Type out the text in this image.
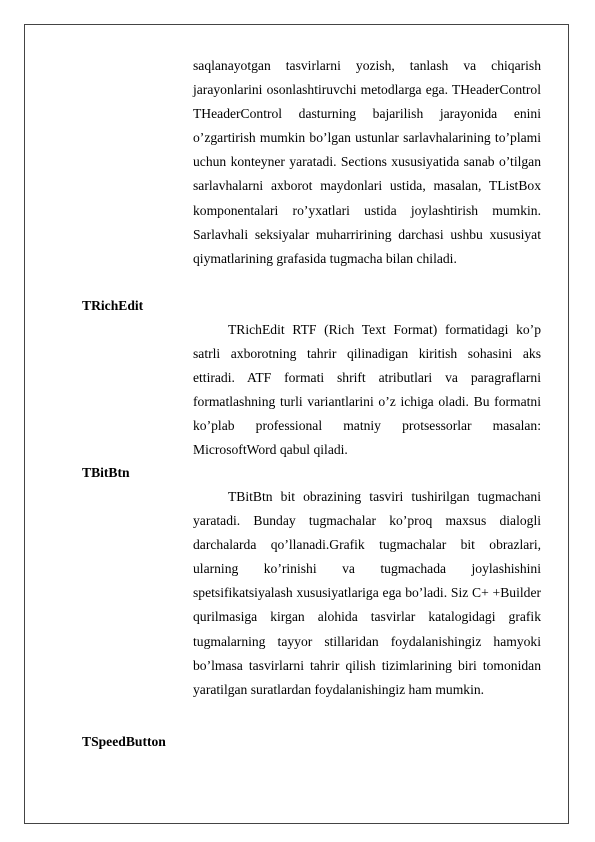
saqlanayotgan tasvirlarni yozish, tanlash va chiqarish jarayonlarini osonlashtiruvchi metodlarga ega. THeaderControl THeaderControl dasturning bajarilish jarayonida enini o’zgartirish mumkin bo’lgan ustunlar sarlavhalarining to’plami uchun konteyner yaratadi. Sections xususiyatida sanab o’tilgan sarlavhalarni axborot maydonlari ustida, masalan, TListBox komponentalari ro’yxatlari ustida joylashtirish mumkin. Sarlavhali seksiyalar muharririning darchasi ushbu xususiyat qiymatlarining grafasida tugmacha bilan chiladi.

TRichEdit

TRichEdit RTF (Rich Text Format) formatidagi ko’p satrli axborotning tahrir qilinadigan kiritish sohasini aks ettiradi. ATF formati shrift atributlari va paragraflarni formatlashning turli variantlarini o’z ichiga oladi. Bu formatni ko’plab professional matniy protsessorlar masalan: MicrosoftWord qabul qiladi.

TBitBtn

TBitBtn bit obrazining tasviri tushirilgan tugmachani yaratadi. Bunday tugmachalar ko’proq maxsus dialogli darchalarda qo’llanadi.Grafik tugmachalar bit obrazlari, ularning ko’rinishi va tugmachada joylashishini spetsifikatsiyalash xususiyatlariga ega bo’ladi. Siz C+ +Builder qurilmasiga kirgan alohida tasvirlar katalogidagi grafik tugmalarning tayyor stillaridan foydalanishingiz hamyoki bo’lmasa tasvirlarni tahrir qilish tizimlarining biri tomonidan yaratilgan suratlardan foydalanishingiz ham mumkin.

TSpeedButton
